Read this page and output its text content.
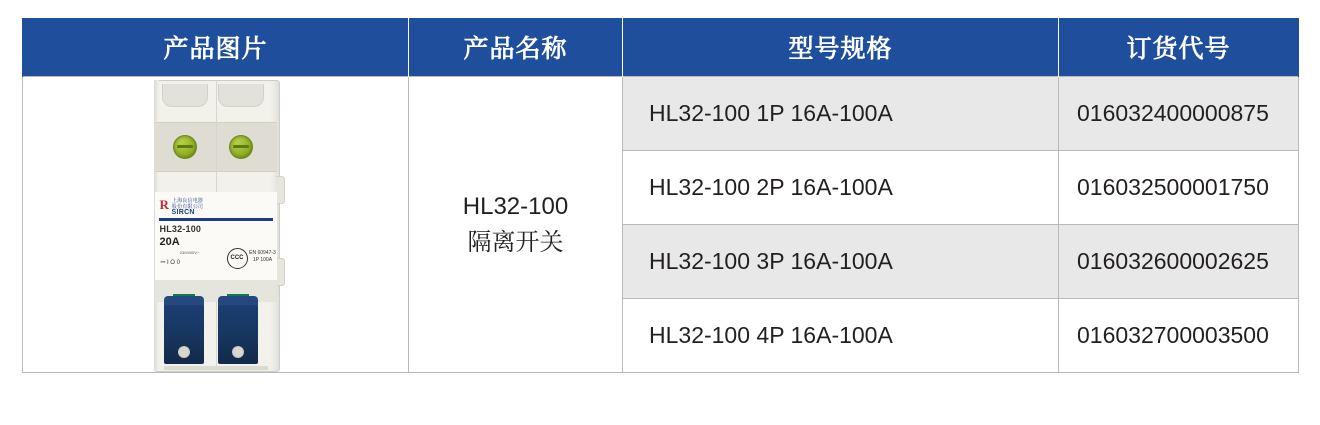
产品图片	产品名称	型号规格	订货代号

R 上海良信电器
股份有限公司
SIRCN
HL32-100
20A
230/400V~
⎓ I O 0
CCC
EN 60947-3 1P 100A

HL32-100
隔离开关
	HL32-100 1P 16A-100A	016032400000875
		HL32-100 2P 16A-100A	016032500001750
		HL32-100 3P 16A-100A	016032600002625
		HL32-100 4P 16A-100A	016032700003500
